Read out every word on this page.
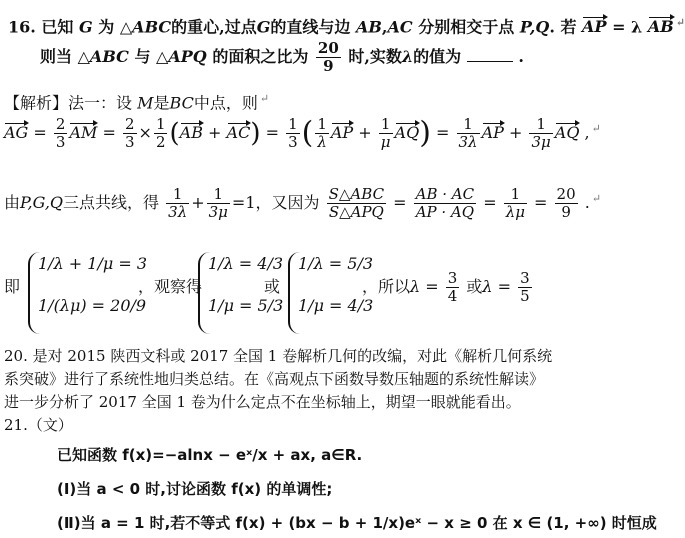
16. 已知 G 为 △ABC的重心,过点G的直线与边 AB,AC 分别相交于点 P,Q. 若 AP = λ AB ↵
则当 △ABC 与 △APQ 的面积之比为 $\frac{20}{9}$ 时,实数λ的值为	.
【解析】法一：设 M是BC中点，则 ↵
AG = $\frac{2}{3}$ AM = $\frac{2}{3} \times \frac{1}{2} (AB + AC) = \frac{1}{3}$ ( $\frac{1}{\lambda}$ AP + $\frac{1}{\mu} AQ) = \frac{1}{3\lambda}$ AP + $\frac{1}{3\mu}$ AQ , ↵
由P,G,Q三点共线，得 $\frac{1}{3\lambda} + \frac{1}{3\mu} =1$，又因为 $\frac{\text{S△ABC}}{\text{S△APQ}} = \frac{AB \cdot AC}{AP \cdot AQ} = \frac{1}{\lambda\mu} = \frac{20}{9}$ . ↵
即
1/λ + 1/μ = 3
1/(λμ) = 20/9
，观察得
1/λ = 4/3
1/μ = 5/3
或
1/λ = 5/3
1/μ = 4/3
，所以$\lambda = \frac{3}{4}$ 或$\lambda = \frac{3}{5}$
20. 是对 2015 陕西文科或 2017 全国 1 卷解析几何的改编，对此《解析几何系统
系突破》进行了系统性地归类总结。在《高观点下函数导数压轴题的系统性解读》
进一步分析了 2017 全国 1 卷为什么定点不在坐标轴上，期望一眼就能看出。
21.（文）
已知函数 f(x)=−alnx − eˣ/x + ax, a∈R.
(Ⅰ)当 a < 0 时,讨论函数 f(x) 的单调性;
(Ⅱ)当 a = 1 时,若不等式 f(x) + (bx − b + 1/x)eˣ − x ≥ 0 在 x ∈ (1, +∞) 时恒成
